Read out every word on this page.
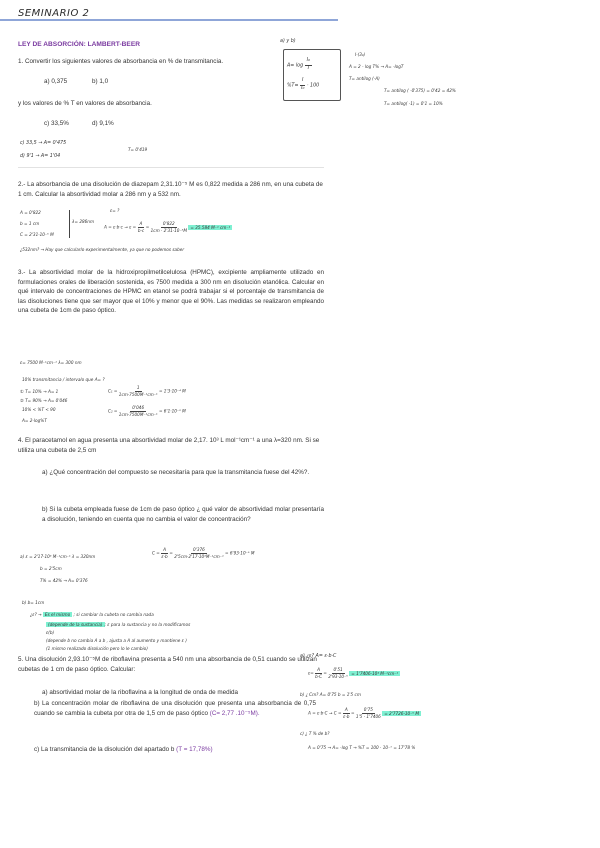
SEMINARIO 2
LEY DE ABSORCIÓN: LAMBERT-BEER
1. Convertir los siguientes valores de absorbancia en % de transmitancia.
a) 0,375	b) 1,0
y los valores de % T en valores de absorbancia.
c) 33,5%	d) 9,1%
c) 33,5 → A= 0'475
d) 9'1 → A= 1'04
T= 0'419
a) y b)
$A= \log \frac{\text{I₀}}{I}$
$\%T= \frac{I}{\text{I₀}} \cdot 100$
I·(3₀)
A = 2 - log T% → A= -logT
T= antilog (-A)
T= antilog ( -0'375) = 0'42 = 42%
T= antilog( -1) = 0'1 = 10%
2.- La absorbancia de una disolución de diazepam 2,31.10⁻⁵ M es 0,822 medida a 286 nm, en una cubeta de 1 cm. Calcular la absortividad molar a 286 nm y a 532 nm.
A = 0'822
b = 1 cm
C = 2'31·10⁻⁵ M
λ= 286nm
ε= ?
$A = \varepsilon\cdot b\cdot c \to \varepsilon = \frac{A}{b\cdot c} = \frac{0'822}{\text{1cm · 2'31·10⁻⁵M}} = 35.584$ M⁻¹ cm⁻¹
¿532nm? → Hay que calcularlo experimentalmente, ya que no podemos saber
3.- La absortividad molar de la hidroxipropilmetilcelulosa (HPMC), excipiente ampliamente utilizado en formulaciones orales de liberación sostenida, es 7500 medida a 300 nm en disolución etanólica. Calcular en qué intervalo de concentraciones de HPMC en etanol se podrá trabajar si el porcentaje de transmitancia de las disoluciones tiene que ser mayor que el 10% y menor que el 90%. Las medidas se realizaron empleando una cubeta de 1cm de paso óptico.
ε= 7500 M⁻¹cm⁻¹ λ= 300 nm
10% transmitancia / intervalo que A= ?
① T= 10% → A= 1
② T= 90% → A= 0'046
10% < %T < 90
A= 2-log%T
$C_1 = \frac{1}{\text{1cm·7500M⁻¹cm⁻¹}} = 1'3\cdot 10^{-4}$ M
$C_2 = \frac{0'046}{\text{1cm·7500M⁻¹cm⁻¹}} = 6'1\cdot 10^{-6}$ M
4. El paracetamol en agua presenta una absortividad molar de 2,17. 10³ L mol⁻¹cm⁻¹ a una λ=320 nm. Si se utiliza una cubeta de 2,5 cm
a) ¿Qué concentración del compuesto se necesitaría para que la transmitancia fuese del 42%?.
b) Si la cubeta empleada fuese de 1cm de paso óptico ¿ qué valor de absortividad molar presentaría a disolución, teniendo en cuenta que no cambia el valor de concentración?
a) ε = 2'17·10³ M⁻¹cm⁻¹ λ = 320nm
b = 2'5cm
T% = 42% → A= 0'376
$C = \frac{A}{\varepsilon\cdot b} = \frac{0'376}{\text{2'5cm·2'17·10³M⁻¹cm⁻¹}} = 6'93\cdot 10^{-5}$ M
b) b= 1cm
¿ε? → Es el mismo ; si cambiar la cubeta no cambia nada
(depende de la sustancia) ; ε para la sustancia y no la modificamos
ε(b)
(depende b no cambia A a b , ajusta a A al aumento y mantiene ε )
(1 mismo realizado disolución pero lo le cambio)
5. Una disolución 2,93.10⁻⁵M de riboflavina presenta a 540 nm una absorbancia de 0,51 cuando se utilizan cubetas de 1 cm de paso óptico. Calcular:
a) absortividad molar de la riboflavina a la longitud de onda de medida
b) La concentración molar de riboflavina de una disolución que presenta una absorbancia de 0,75 cuando se cambia la cubeta por otra de 1,5 cm de paso óptico (C= 2,77 .10⁻⁵M).
c) La transmitancia de la disolución del apartado b (T = 17,78%)
a) ¿ε? A= ε·b·C
$\varepsilon= \frac{A}{b\cdot C} = \frac{0'51}{\text{2'93·10⁻⁵}} = 1'7406\cdot 10^4$ M⁻¹cm⁻¹
b) ¿ Cm? A= 0'75 b = 1'5 cm
$A = \varepsilon\cdot b\cdot C \to C = \frac{A}{\varepsilon\cdot b} = \frac{0'75}{1'5 \cdot 1'7406} = 2'7726\cdot 10^{-5}$ M
c) ¿ T % de b?
A = 0'75 → A= -log T → %T = 100 · 10⁻ᴬ = 17'78 %
